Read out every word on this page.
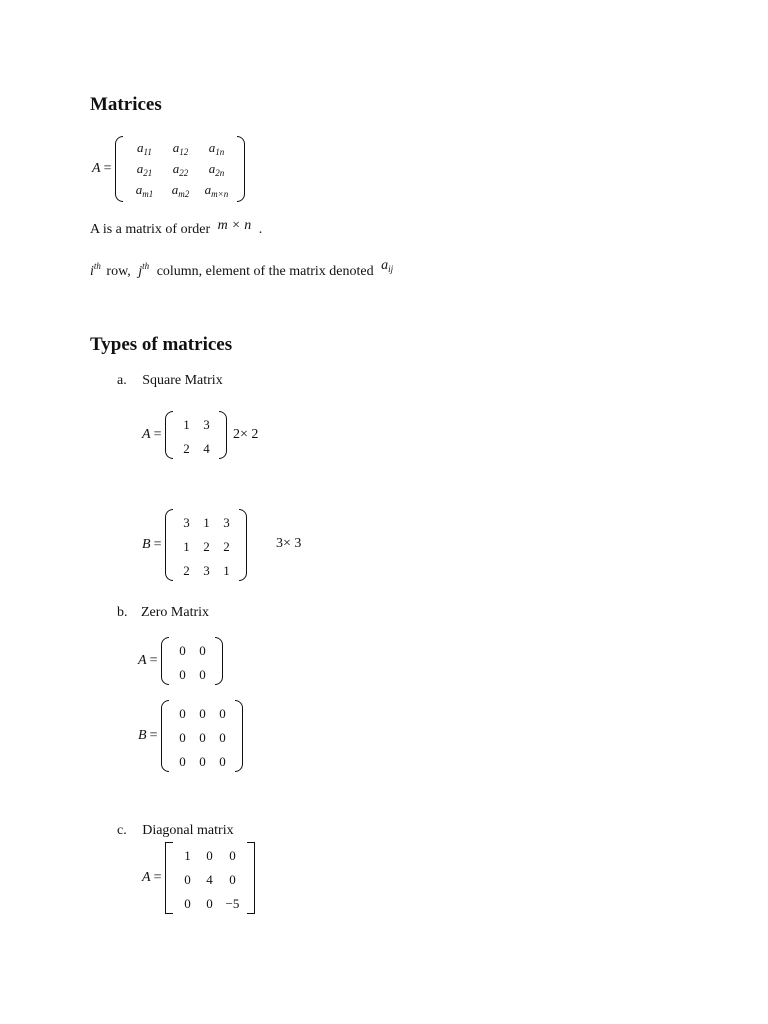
Matrices
A =
$a_{11}$	$a_{12}$	$a_{1n}$
$a_{21}$	$a_{22}$	$a_{2n}$
$a_{m1}$	$a_{m2}$	$a_{m\times n}$
A is a matrix of order m × n .
$i^{th}$ row, $j^{th}$ column, element of the matrix denoted $a^{ij}$
Types of matrices
a. Square Matrix
A =
1	3
2	4
2× 2
B =
3	1	3
1	2	2
2	3	1
3× 3
b. Zero Matrix
A =
0	0
0	0
B =
0	0	0
0	0	0
0	0	0
c. Diagonal matrix
A =
1	0	0
0	4	0
0	0 −5
